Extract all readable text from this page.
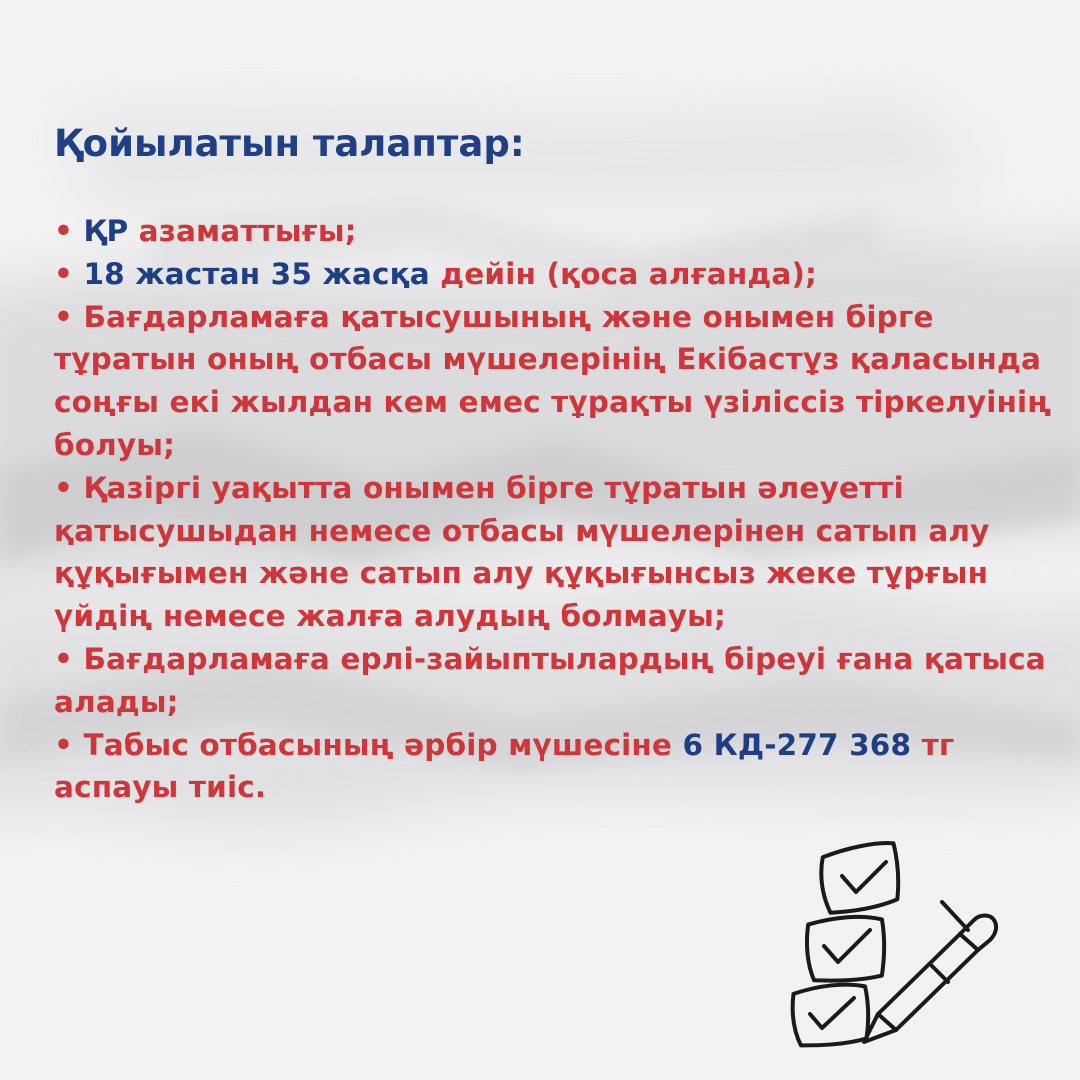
Қойылатын талаптар:
• ҚР азаматтығы;
• 18 жастан 35 жасқа дейін (қоса алғанда);
• Бағдарламаға қатысушының және онымен бірге тұратын оның отбасы мүшелерінің Екібастұз қаласында соңғы екі жылдан кем емес тұрақты үзіліссіз тіркелуінің болуы;
• Қазіргі уақытта онымен бірге тұратын әлеуетті қатысушыдан немесе отбасы мүшелерінен сатып алу құқығымен және сатып алу құқығынсыз жеке тұрғын үйдің немесе жалға алудың болмауы;
• Бағдарламаға ерлі-зайыптылардың біреуі ғана қатыса алады;
• Табыс отбасының әрбір мүшесіне 6 КД-277 368 тг аспауы тиіс.
